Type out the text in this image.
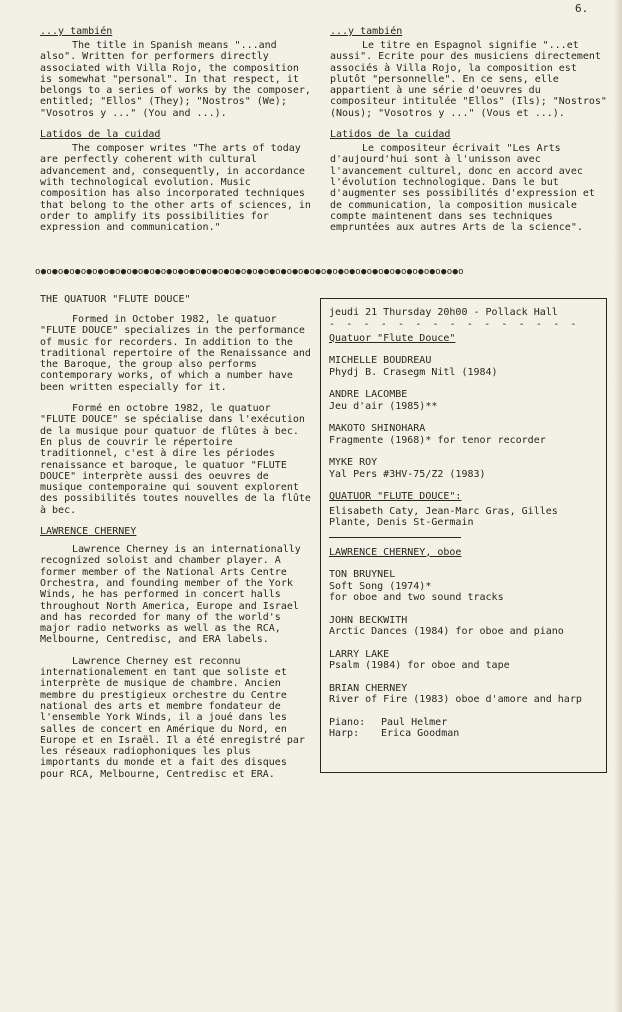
6.
...y también

The title in Spanish means "...and also". Written for performers directly associated with Villa Rojo, the composition is somewhat "personal". In that respect, it belongs to a series of works by the composer, entitled; "Ellos" (They); "Nostros" (We); "Vosotros y ..." (You and ...).

Latidos de la cuidad

The composer writes "The arts of today are perfectly coherent with cultural advancement and, consequently, in accordance with technological evolution. Music composition has also incorporated techniques that belong to the other arts of sciences, in order to amplify its possibilities for expression and communication."

...y también

Le titre en Espagnol signifie "...et aussi". Ecrite pour des musiciens directement associés à Villa Rojo, la composition est plutôt "personnelle". En ce sens, elle appartient à une série d'oeuvres du compositeur intitulée "Ellos" (Ils); "Nostros" (Nous); "Vosotros y ..." (Vous et ...).

Latidos de la cuidad

Le compositeur écrivait "Les Arts d'aujourd'hui sont à l'unisson avec l'avancement culturel, donc en accord avec l'évolution technologique. Dans le but d'augmenter ses possibilités d'expression et de communication, la composition musicale compte maintenent dans ses techniques empruntées aux autres Arts de la science".

o●o●o●o●o●o●o●o●o●o●o●o●o●o●o●o●o●o●o●o●o●o●o●o●o●o●o●o●o●o●o●o●o●o●o●o●o●o
THE QUATUOR "FLUTE DOUCE"

Formed in October 1982, le quatuor "FLUTE DOUCE" specializes in the performance of music for recorders. In addition to the traditional repertoire of the Renaissance and the Baroque, the group also performs contemporary works, of which a number have been written especially for it.

Formé en octobre 1982, le quatuor "FLUTE DOUCE" se spécialise dans l'exécution de la musique pour quatuor de flûtes à bec. En plus de couvrir le répertoire traditionnel, c'est à dire les périodes renaissance et baroque, le quatuor "FLUTE DOUCE" interprète aussi des oeuvres de musique contemporaine qui souvent explorent des possibilités toutes nouvelles de la flûte à bec.

LAWRENCE CHERNEY

Lawrence Cherney is an internationally recognized soloist and chamber player. A former member of the National Arts Centre Orchestra, and founding member of the York Winds, he has performed in concert halls throughout North America, Europe and Israel and has recorded for many of the world's major radio networks as well as the RCA, Melbourne, Centredisc, and ERA labels.

Lawrence Cherney est reconnu internationalement en tant que soliste et interprète de musique de chambre. Ancien membre du prestigieux orchestre du Centre national des arts et membre fondateur de l'ensemble York Winds, il a joué dans les salles de concert en Amérique du Nord, en Europe et en Israël. Il a été enregistré par les réseaux radiophoniques les plus importants du monde et a fait des disques pour RCA, Melbourne, Centredisc et ERA.

jeudi 21 Thursday 20h00 - Pollack Hall

- - - - - - - - - - - - - - -

Quatuor "Flute Douce"

MICHELLE BOUDREAU

Phydj B. Crasegm Nitl (1984)

ANDRE LACOMBE

Jeu d'air (1985)**

MAKOTO SHINOHARA

Fragmente (1968)* for tenor recorder

MYKE ROY

Yal Pers #3HV-75/Z2 (1983)

QUATUOR "FLUTE DOUCE":

Elisabeth Caty, Jean-Marc Gras, Gilles Plante, Denis St-Germain

LAWRENCE CHERNEY, oboe

TON BRUYNEL

Soft Song (1974)*

for oboe and two sound tracks

JOHN BECKWITH

Arctic Dances (1984) for oboe and piano

LARRY LAKE

Psalm (1984) for oboe and tape

BRIAN CHERNEY

River of Fire (1983) oboe d'amore and harp

Piano:	Paul Helmer
Harp:	Erica Goodman
